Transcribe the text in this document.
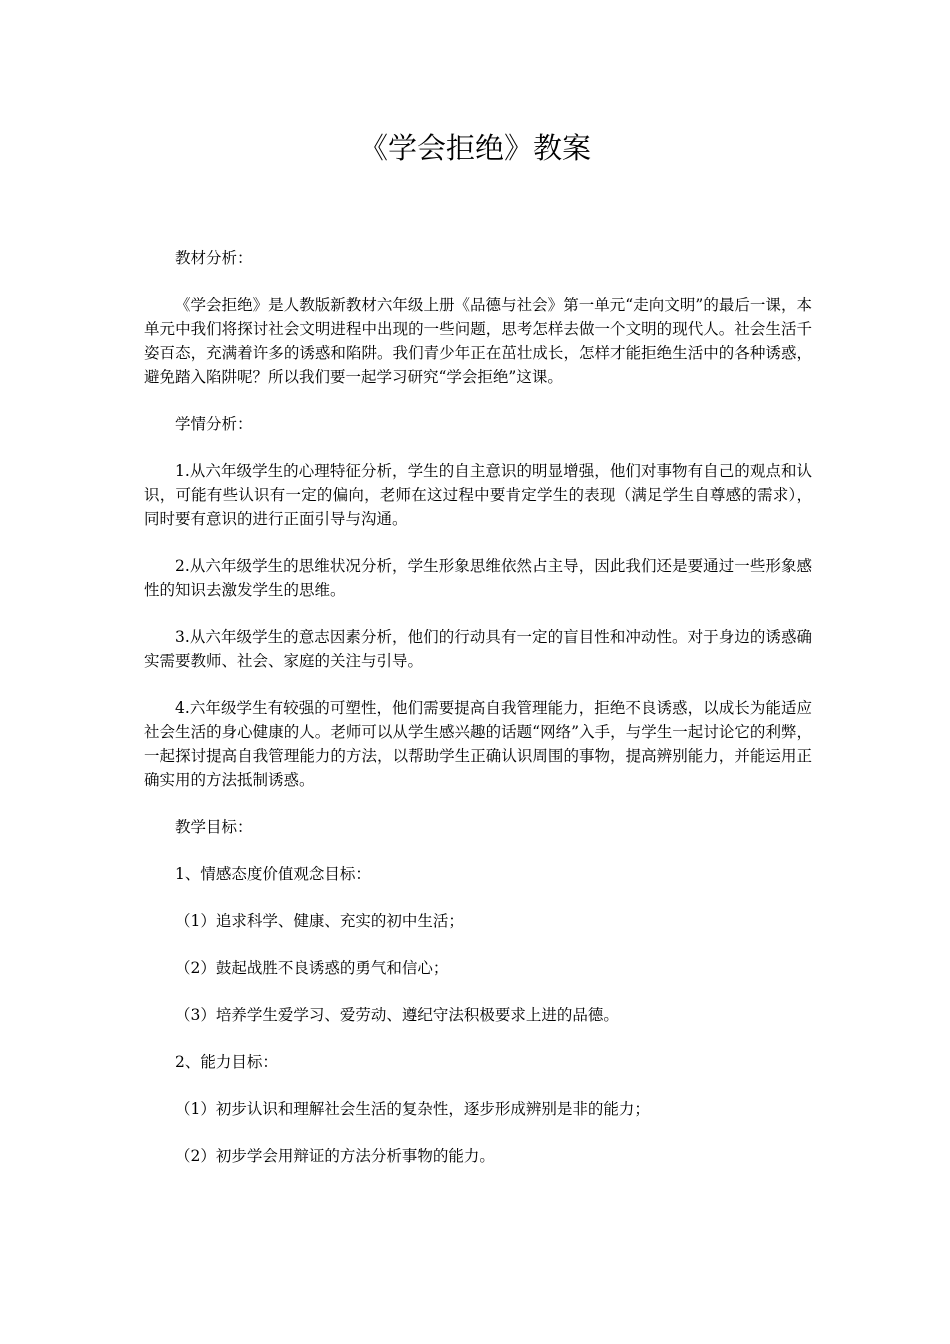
《学会拒绝》教案

教材分析：

《学会拒绝》是人教版新教材六年级上册《品德与社会》第一单元“走向文明”的最后一课，本单元中我们将探讨社会文明进程中出现的一些问题，思考怎样去做一个文明的现代人。社会生活千姿百态，充满着许多的诱惑和陷阱。我们青少年正在茁壮成长，怎样才能拒绝生活中的各种诱惑，避免踏入陷阱呢？所以我们要一起学习研究“学会拒绝”这课。

学情分析：

1.从六年级学生的心理特征分析，学生的自主意识的明显增强，他们对事物有自己的观点和认识，可能有些认识有一定的偏向，老师在这过程中要肯定学生的表现（满足学生自尊感的需求），同时要有意识的进行正面引导与沟通。

2.从六年级学生的思维状况分析，学生形象思维依然占主导，因此我们还是要通过一些形象感性的知识去激发学生的思维。

3.从六年级学生的意志因素分析，他们的行动具有一定的盲目性和冲动性。对于身边的诱惑确实需要教师、社会、家庭的关注与引导。

4.六年级学生有较强的可塑性，他们需要提高自我管理能力，拒绝不良诱惑，以成长为能适应社会生活的身心健康的人。老师可以从学生感兴趣的话题“网络”入手，与学生一起讨论它的利弊，一起探讨提高自我管理能力的方法，以帮助学生正确认识周围的事物，提高辨别能力，并能运用正确实用的方法抵制诱惑。

教学目标：

1、情感态度价值观念目标：

（1）追求科学、健康、充实的初中生活；

（2）鼓起战胜不良诱惑的勇气和信心；

（3）培养学生爱学习、爱劳动、遵纪守法积极要求上进的品德。

2、能力目标：

（1）初步认识和理解社会生活的复杂性，逐步形成辨别是非的能力；

（2）初步学会用辩证的方法分析事物的能力。
